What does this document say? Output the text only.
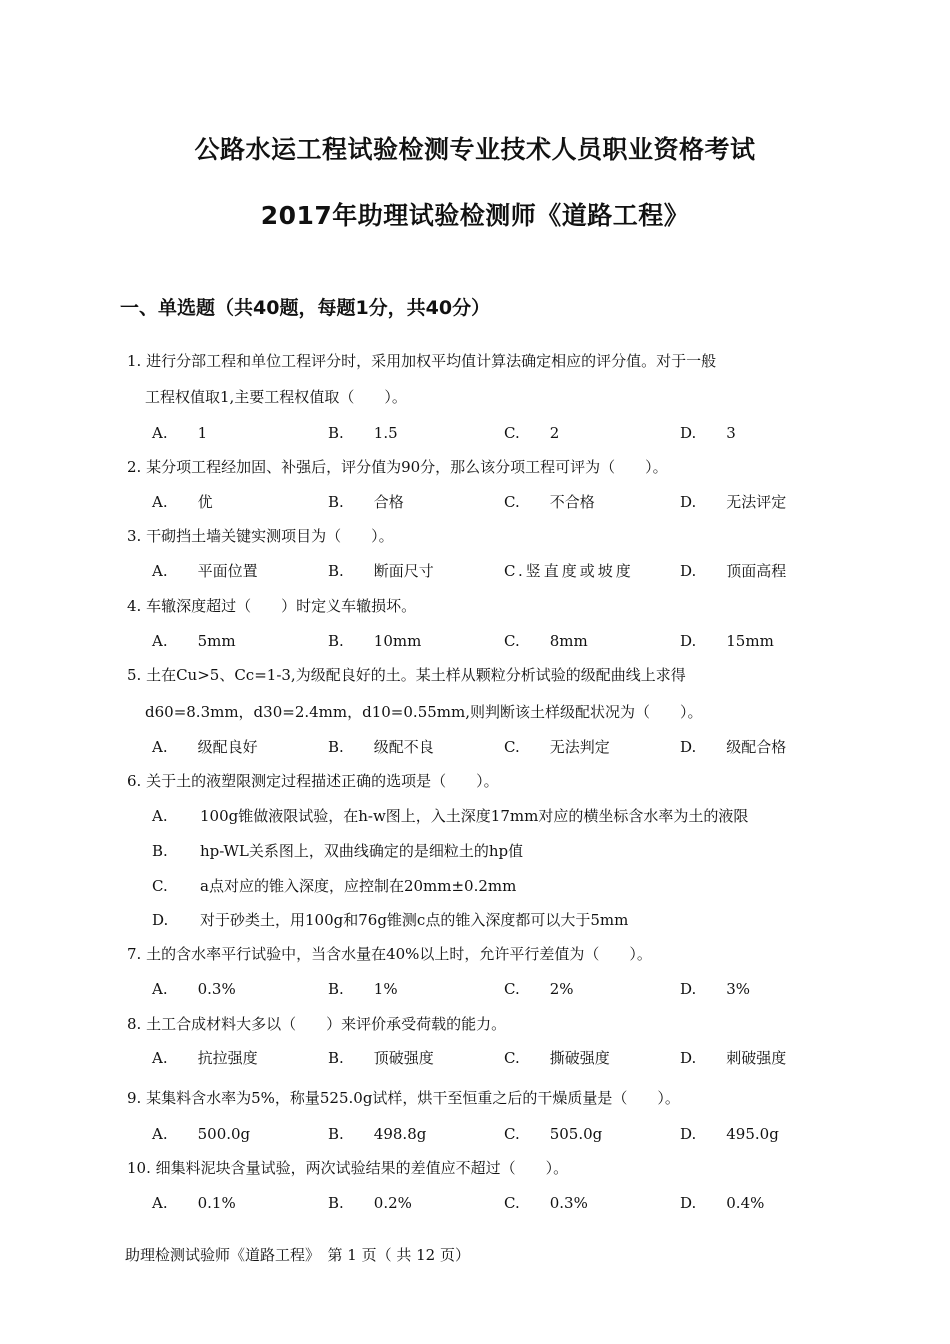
公路水运工程试验检测专业技术人员职业资格考试
2017年助理试验检测师《道路工程》
一、单选题（共40题，每题1分，共40分）
1. 进行分部工程和单位工程评分时，采用加权平均值计算法确定相应的评分值。对于一般
工程权值取1,主要工程权值取（　　）。
A.　　1	B.　　1.5	C.　　2	D.　　3
2. 某分项工程经加固、补强后，评分值为90分，那么该分项工程可评为（　　）。
A.　　优	B.　　合格	C.　　不合格	D.　　无法评定
3. 干砌挡土墙关键实测项目为（　　）。
A.　　平面位置	B.　　断面尺寸	C.竖直度或坡度	D.　　顶面高程
4. 车辙深度超过（　　）时定义车辙损坏。
A.　　5mm	B.　　10mm	C.　　8mm	D.　　15mm
5. 土在Cu>5、Cc=1-3,为级配良好的土。某土样从颗粒分析试验的级配曲线上求得
d60=8.3mm，d30=2.4mm，d10=0.55mm,则判断该土样级配状况为（　　）。
A.　　级配良好	B.　　级配不良	C.　　无法判定	D.　　级配合格
6. 关于土的液塑限测定过程描述正确的选项是（　　）。
A. 100g锥做液限试验，在h-w图上，入土深度17mm对应的横坐标含水率为土的液限
B. hp-WL关系图上，双曲线确定的是细粒土的hp值
C. a点对应的锥入深度，应控制在20mm±0.2mm
D. 对于砂类土，用100g和76g锥测c点的锥入深度都可以大于5mm
7. 土的含水率平行试验中，当含水量在40%以上时，允许平行差值为（　　）。
A.　　0.3%	B.　　1%	C.　　2%	D.　　3%
8. 土工合成材料大多以（　　）来评价承受荷载的能力。
A.　　抗拉强度	B.　　顶破强度	C.　　撕破强度	D.　　刺破强度
9. 某集料含水率为5%，称量525.0g试样，烘干至恒重之后的干燥质量是（　　）。
A.　　500.0g	B.　　498.8g	C.　　505.0g	D.　　495.0g
10. 细集料泥块含量试验，两次试验结果的差值应不超过（　　）。
A.　　0.1%	B.　　0.2%	C.　　0.3%	D.　　0.4%
助理检测试验师《道路工程》　第 1 页（ 共 12 页）
